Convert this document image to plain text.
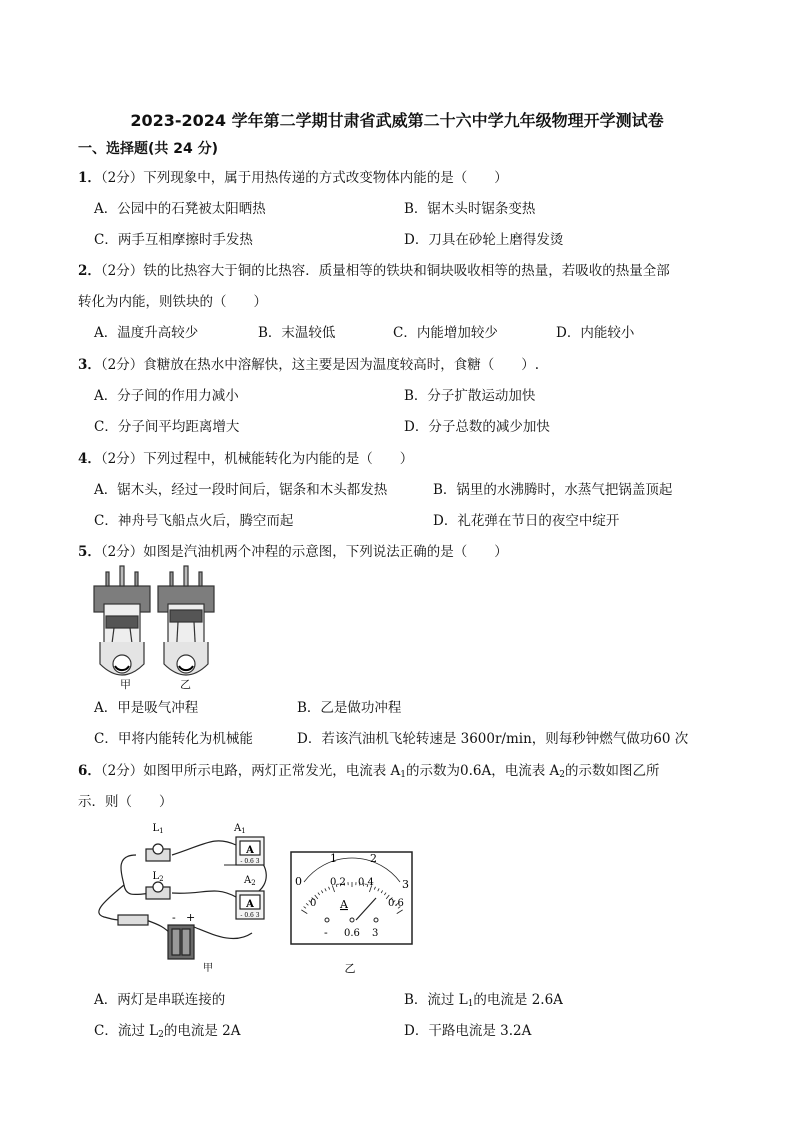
2023-2024 学年第二学期甘肃省武威第二十六中学九年级物理开学测试卷
一、选择题(共 24 分)
1．（2分）下列现象中，属于用热传递的方式改变物体内能的是（　　）
A．公园中的石凳被太阳晒热	B．锯木头时锯条变热
C．两手互相摩擦时手发热	D．刀具在砂轮上磨得发烫
2．（2分）铁的比热容大于铜的比热容．质量相等的铁块和铜块吸收相等的热量，若吸收的热量全部
转化为内能，则铁块的（　　）
A．温度升高较少	B．末温较低	C．内能增加较少	D．内能较小
3．（2分）食糖放在热水中溶解快，这主要是因为温度较高时，食糖（　　）.
A．分子间的作用力减小	B．分子扩散运动加快
C．分子间平均距离增大	D．分子总数的减少加快
4．（2分）下列过程中，机械能转化为内能的是（　　）
A．锯木头，经过一段时间后，锯条和木头都发热	B．锅里的水沸腾时，水蒸气把锅盖顶起
C．神舟号飞船点火后，腾空而起	D．礼花弹在节日的夜空中绽开
5．（2分）如图是汽油机两个冲程的示意图，下列说法正确的是（　　）
甲	乙
A．甲是吸气冲程	B．乙是做功冲程
C．甲将内能转化为机械能	D．若该汽油机飞轮转速是 3600r/min，则每秒钟燃气做功60 次
6．（2分）如图甲所示电路，两灯正常发光，电流表 $A_1$的示数为0.6A，电流表 $A_2$的示数如图乙所
示．则（　　）
$L_1$
$L_2$
$A_1$
$A_2$
A
A
- 0.6 3
- 0.6 3
- +
甲
0
1	2
3
0
0.2 0.4
0.6
A
- 0.6 3
乙
A．两灯是串联连接的	B．流过 $L_1$的电流是 2.6A
C．流过 $L_2$的电流是 2A	D．干路电流是 3.2A
